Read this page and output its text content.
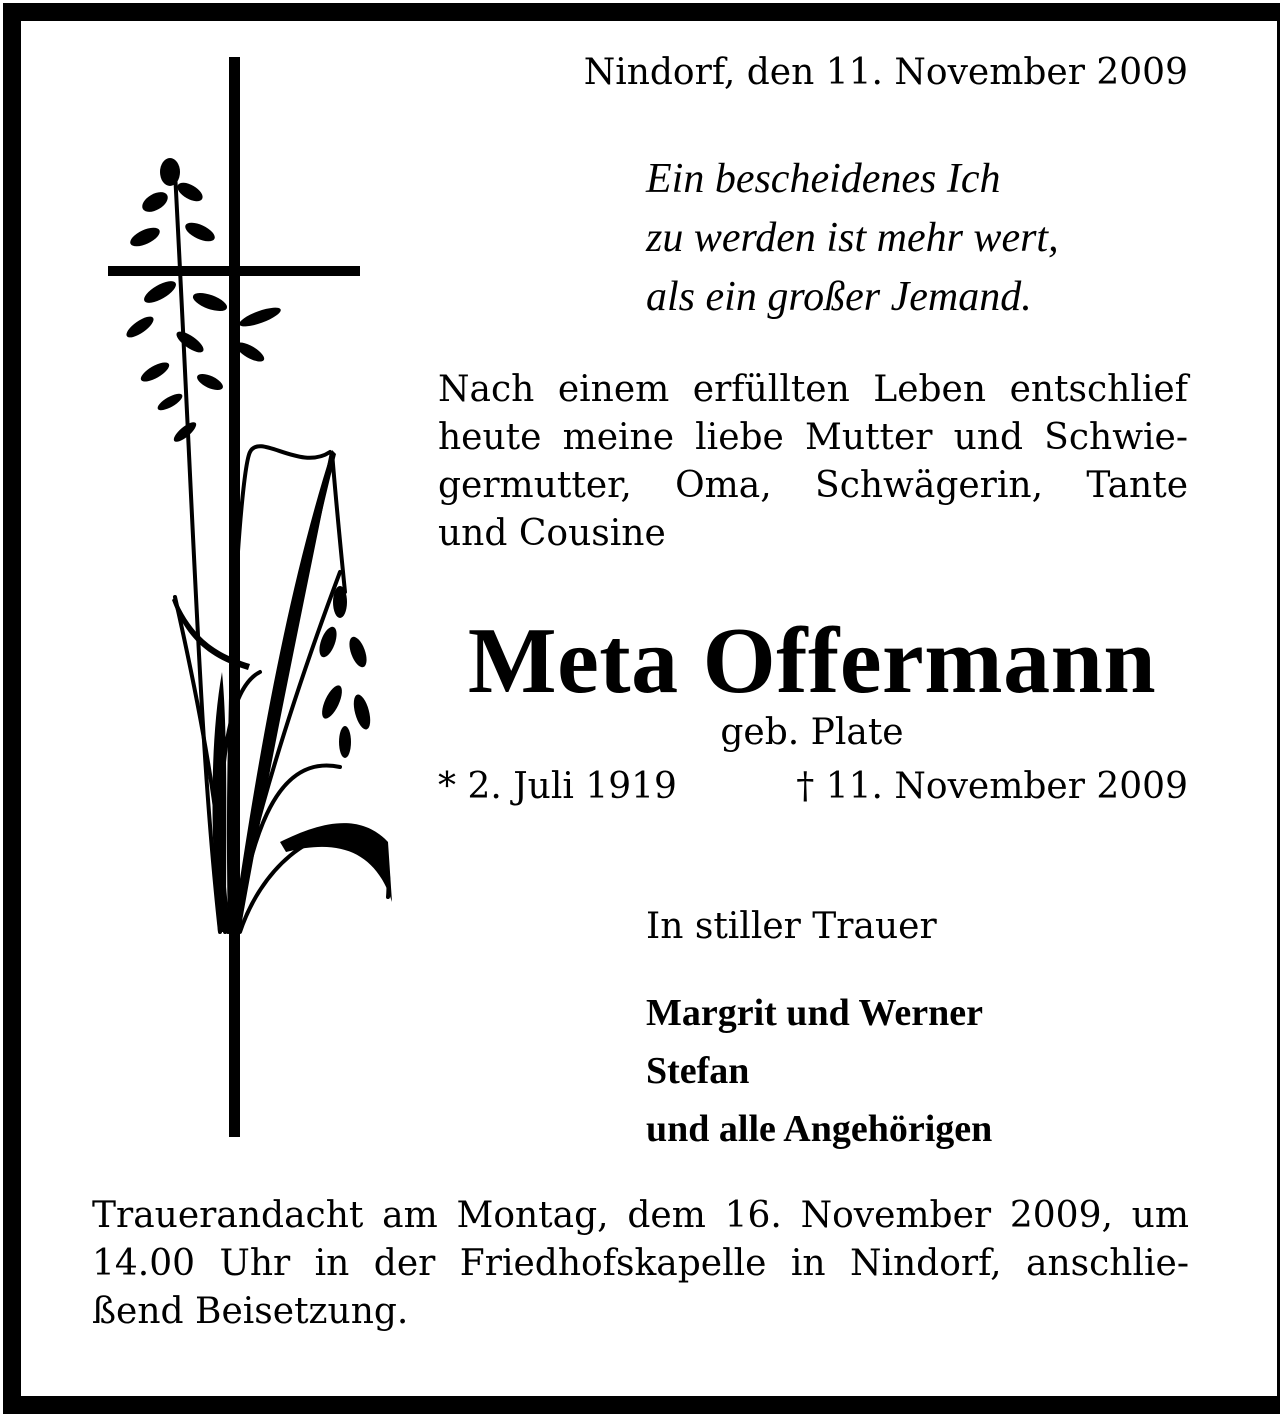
Nindorf, den 11. November 2009
Ein bescheidenes Ich
zu werden ist mehr wert,
als ein großer Jemand.
Nach einem erfüllten Leben entschlief
heute meine liebe Mutter und Schwie-
germutter, Oma, Schwägerin, Tante
und Cousine
Meta Offermann
geb. Plate
* 2. Juli 1919	† 11. November 2009
In stiller Trauer
Margrit und Werner
Stefan
und alle Angehörigen
Trauerandacht am Montag, dem 16. November 2009, um
14.00 Uhr in der Friedhofskapelle in Nindorf, anschlie-
ßend Beisetzung.
